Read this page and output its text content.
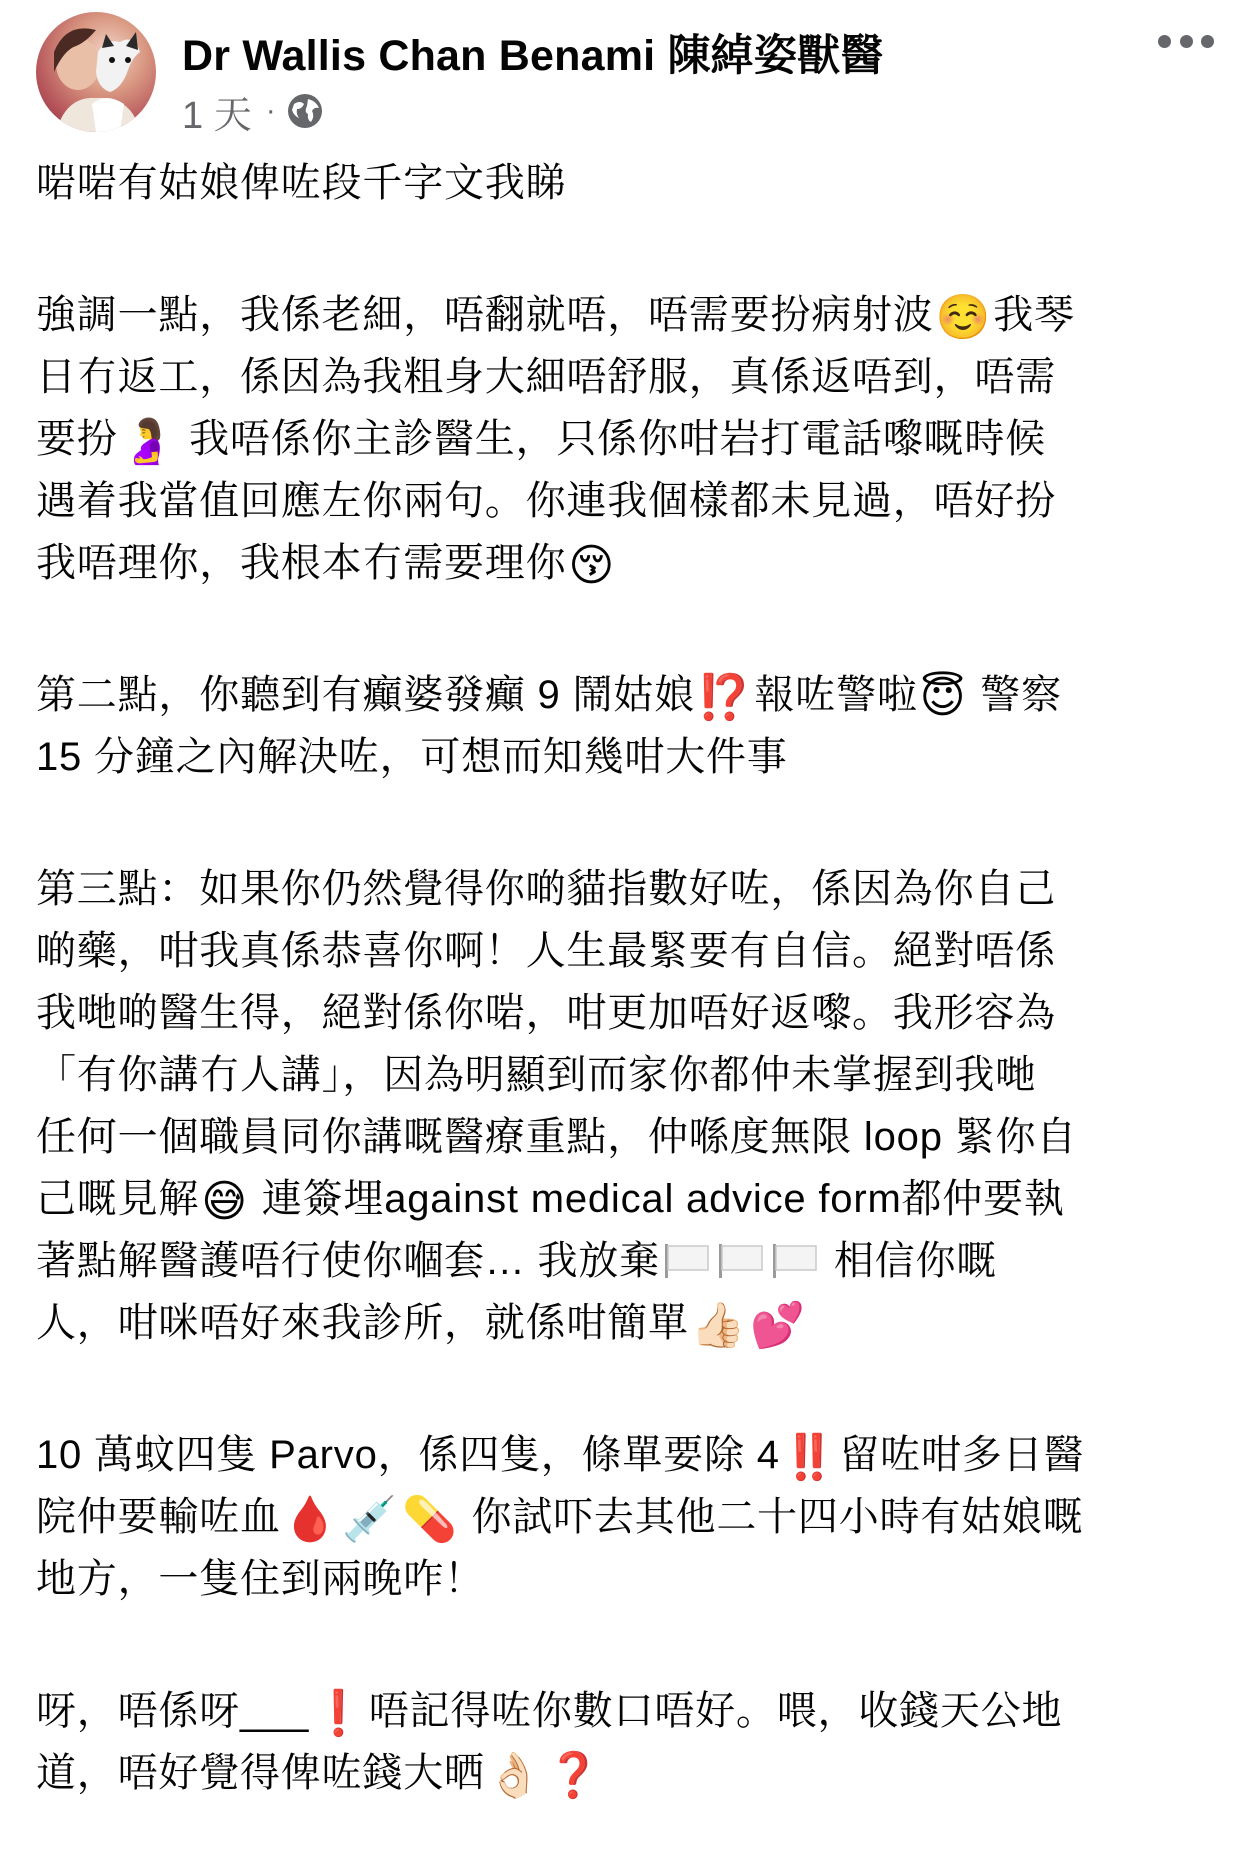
Dr Wallis Chan Benami 陳綽姿獸醫
1 天 ·
啱啱有姑娘俾咗段千字文我睇
強調一點，我係老細，唔翻就唔，唔需要扮病射波☺️我琴
日冇返工，係因為我粗身大細唔舒服，真係返唔到，唔需
要扮🤰 我唔係你主診醫生，只係你咁岩打電話嚟嘅時候
遇着我當值回應左你兩句。你連我個樣都未見過，唔好扮
我唔理你，我根本冇需要理你😚
第二點，你聽到有癲婆發癲 9 鬧姑娘⁉️報咗警啦😇 警察
15 分鐘之內解決咗，可想而知幾咁大件事
第三點：如果你仍然覺得你啲貓指數好咗，係因為你自己
啲藥，咁我真係恭喜你啊！人生最緊要有自信。絕對唔係
我哋啲醫生得，絕對係你啱，咁更加唔好返嚟。我形容為
「有你講冇人講」，因為明顯到而家你都仲未掌握到我哋
任何一個職員同你講嘅醫療重點，仲喺度無限 loop 緊你自
己嘅見解😅 連簽埋against medical advice form都仲要執
著點解醫護唔行使你嗰套… 我放棄	相信你嘅
人，咁咪唔好來我診所，就係咁簡單👍🏻💕
10 萬蚊四隻 Parvo，係四隻，條單要除 4‼️留咗咁多日醫
院仲要輸咗血🩸💉💊 你試吓去其他二十四小時有姑娘嘅
地方，一隻住到兩晚咋！
呀，唔係呀___❗唔記得咗你數口唔好。喂，收錢天公地
道，唔好覺得俾咗錢大晒👌🏻❓
